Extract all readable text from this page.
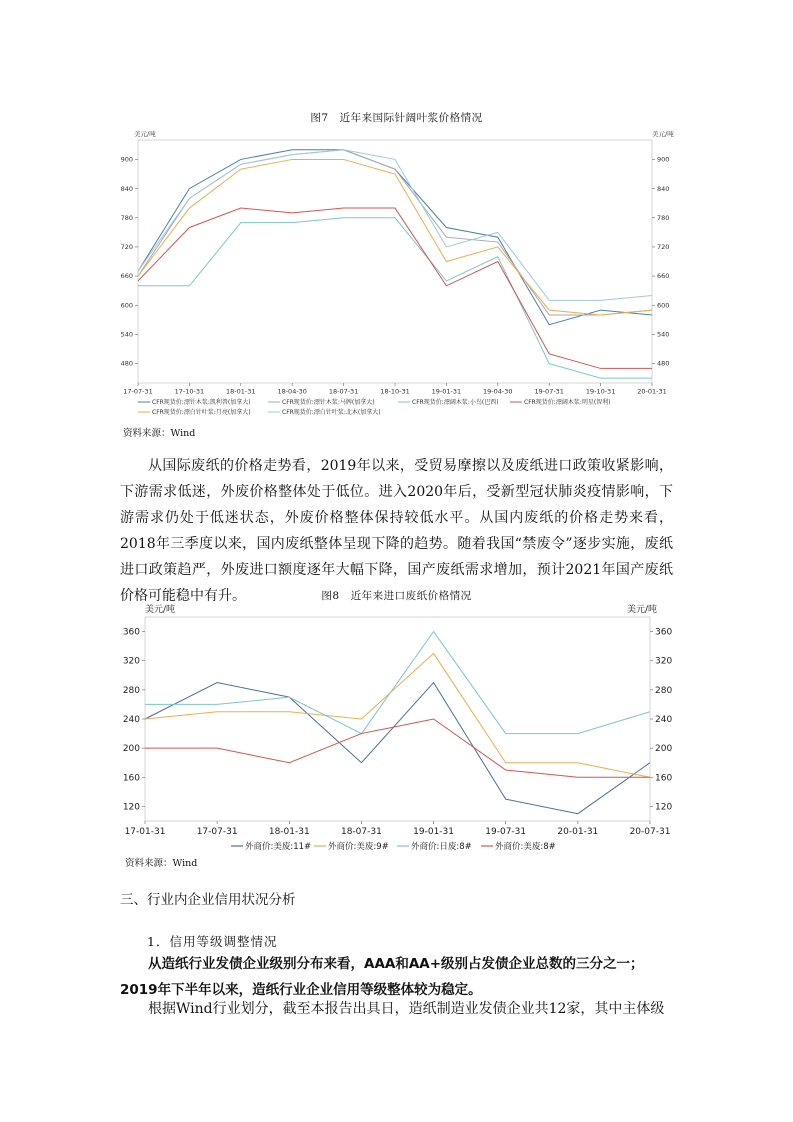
图7　近年来国际针阔叶浆价格情况
480	480
540	540
600	600
660	660
720	720
780	780
840	840
900	900
17-07-31	17-10-31	18-01-31	18-04-30	18-07-31	18-10-31	19-01-31	19-04-30	19-07-31	19-10-31	20-01-31
美元/吨	美元/吨
CFR现货价:漂针木浆:凯利普(加拿大)	CFR现货价:漂针木浆:马牌(加拿大)	CFR现货价:漂阔木浆:小鸟(巴西)	CFR现货价:漂阔木浆:明星(智利)
CFR现货价:漂白针叶浆:月亮(加拿大)	CFR现货价:漂白针叶浆:北木(加拿大)
资料来源：Wind

从国际废纸的价格走势看，2019年以来，受贸易摩擦以及废纸进口政策收紧影响，下游需求低迷，外废价格整体处于低位。进入2020年后，受新型冠状肺炎疫情影响，下游需求仍处于低迷状态，外废价格整体保持较低水平。从国内废纸的价格走势来看，2018年三季度以来，国内废纸整体呈现下降的趋势。随着我国“禁废令”逐步实施，废纸进口政策趋严，外废进口额度逐年大幅下降，国产废纸需求增加，预计2021年国产废纸价格可能稳中有升。	图8　近年来进口废纸价格情况
120	120
160	160
200	200
240	240
280	280
320	320
360	360
17-01-31	17-07-31	18-01-31	18-07-31	19-01-31	19-07-31	20-01-31	20-07-31
美元/吨	美元/吨
外商价:美废:11# 外商价:美废:9#	外商价:日废:8#	外商价:美废:8#
资料来源：Wind
三、行业内企业信用状况分析
1．信用等级调整情况

从造纸行业发债企业级别分布来看，AAA和AA+级别占发债企业总数的三分之一；2019年下半年以来，造纸行业企业信用等级整体较为稳定。

根据Wind行业划分，截至本报告出具日，造纸制造业发债企业共12家，其中主体级
